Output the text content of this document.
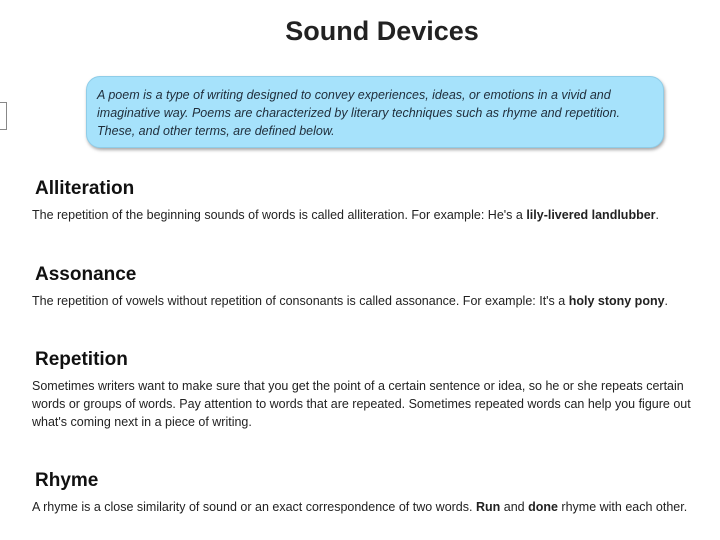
Sound Devices
A poem is a type of writing designed to convey experiences, ideas, or emotions in a vivid and imaginative way. Poems are characterized by literary techniques such as rhyme and repetition. These, and other terms, are defined below.
Alliteration

The repetition of the beginning sounds of words is called alliteration. For example: He's a lily-livered landlubber.

Assonance

The repetition of vowels without repetition of consonants is called assonance. For example: It's a holy stony pony.

Repetition

Sometimes writers want to make sure that you get the point of a certain sentence or idea, so he or she repeats certain words or groups of words. Pay attention to words that are repeated. Sometimes repeated words can help you figure out what's coming next in a piece of writing.

Rhyme

A rhyme is a close similarity of sound or an exact correspondence of two words. Run and done rhyme with each other.
